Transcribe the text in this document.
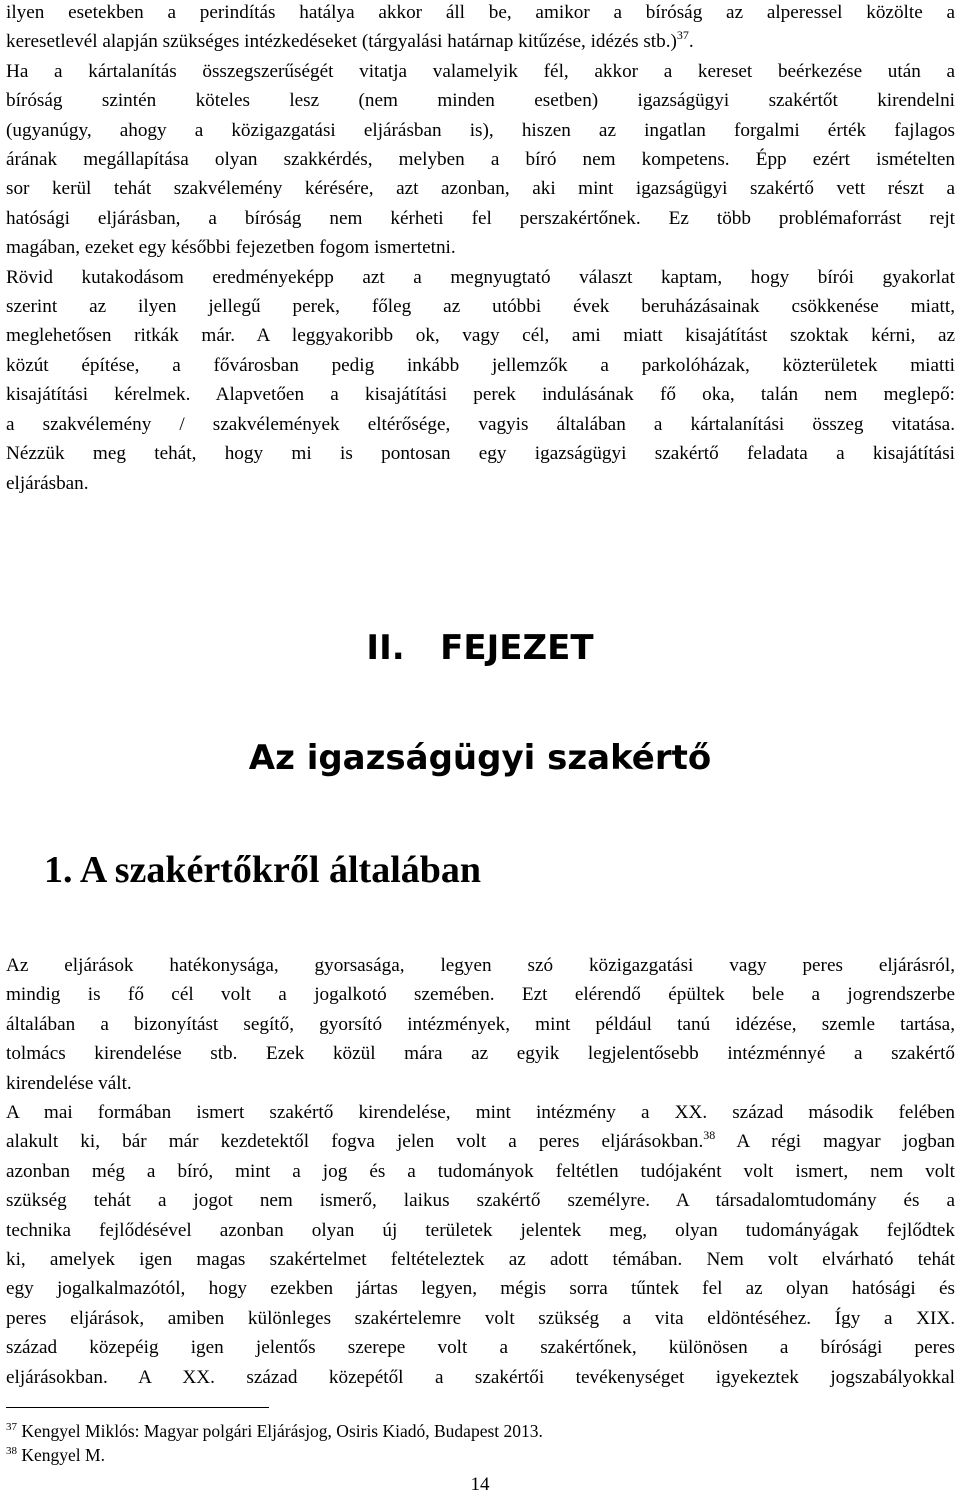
ilyen esetekben a perindítás hatálya akkor áll be, amikor a bíróság az alperessel közölte a
keresetlevél alapján szükséges intézkedéseket (tárgyalási határnap kitűzése, idézés stb.)$^{37}$.
Ha a kártalanítás összegszerűségét vitatja valamelyik fél, akkor a kereset beérkezése után a
bíróság szintén köteles lesz (nem minden esetben) igazságügyi szakértőt kirendelni
(ugyanúgy, ahogy a közigazgatási eljárásban is), hiszen az ingatlan forgalmi érték fajlagos
árának megállapítása olyan szakkérdés, melyben a bíró nem kompetens. Épp ezért ismételten
sor kerül tehát szakvélemény kérésére, azt azonban, aki mint igazságügyi szakértő vett részt a
hatósági eljárásban, a bíróság nem kérheti fel perszakértőnek. Ez több problémaforrást rejt
magában, ezeket egy későbbi fejezetben fogom ismertetni.
Rövid kutakodásom eredményeképp azt a megnyugtató választ kaptam, hogy bírói gyakorlat
szerint az ilyen jellegű perek, főleg az utóbbi évek beruházásainak csökkenése miatt,
meglehetősen ritkák már. A leggyakoribb ok, vagy cél, ami miatt kisajátítást szoktak kérni, az
közút építése, a fővárosban pedig inkább jellemzők a parkolóházak, közterületek miatti
kisajátítási kérelmek. Alapvetően a kisajátítási perek indulásának fő oka, talán nem meglepő:
a szakvélemény / szakvélemények eltérősége, vagyis általában a kártalanítási összeg vitatása.
Nézzük meg tehát, hogy mi is pontosan egy igazságügyi szakértő feladata a kisajátítási
eljárásban.
II.   FEJEZET
Az igazságügyi szakértő
1. A szakértőkről általában
Az eljárások hatékonysága, gyorsasága, legyen szó közigazgatási vagy peres eljárásról,
mindig is fő cél volt a jogalkotó szemében. Ezt elérendő épültek bele a jogrendszerbe
általában a bizonyítást segítő, gyorsító intézmények, mint például tanú idézése, szemle tartása,
tolmács kirendelése stb. Ezek közül mára az egyik legjelentősebb intézménnyé a szakértő
kirendelése vált.
A mai formában ismert szakértő kirendelése, mint intézmény a XX. század második felében
alakult ki, bár már kezdetektől fogva jelen volt a peres eljárásokban.$^{38}$ A régi magyar jogban
azonban még a bíró, mint a jog és a tudományok feltétlen tudójaként volt ismert, nem volt
szükség tehát a jogot nem ismerő, laikus szakértő személyre. A társadalomtudomány és a
technika fejlődésével azonban olyan új területek jelentek meg, olyan tudományágak fejlődtek
ki, amelyek igen magas szakértelmet feltételeztek az adott témában. Nem volt elvárható tehát
egy jogalkalmazótól, hogy ezekben jártas legyen, mégis sorra tűntek fel az olyan hatósági és
peres eljárások, amiben különleges szakértelemre volt szükség a vita eldöntéséhez. Így a XIX.
század közepéig igen jelentős szerepe volt a szakértőnek, különösen a bírósági peres
eljárásokban. A XX. század közepétől a szakértői tevékenységet igyekeztek jogszabályokkal
$^{37}$ Kengyel Miklós: Magyar polgári Eljárásjog, Osiris Kiadó, Budapest 2013.
$^{38}$ Kengyel M.
14
